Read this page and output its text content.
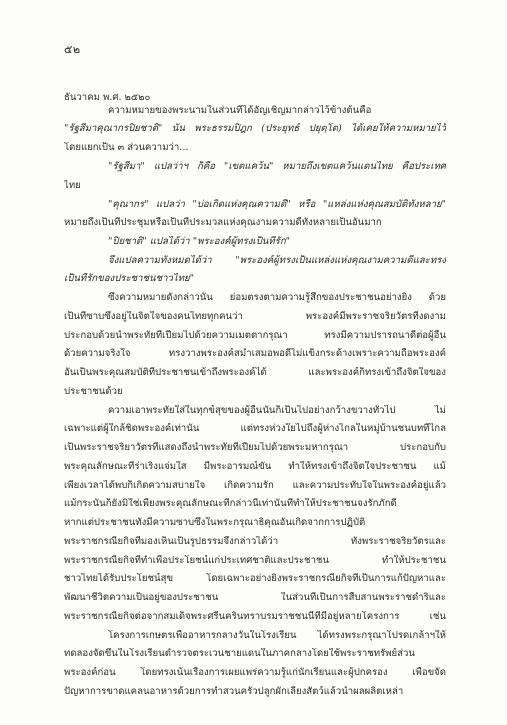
๕๒
ธันวาคม พ.ศ. ๒๕๒๐
ความหมายของพระนามในส่วนที่ได้อัญเชิญมากล่าวไว้ข้างต้นคือ
"รัฐสีมาคุณากรปิยชาติ" นั้น พระธรรมปิฎก (ประยุทธ์ ปยุตฺโต) ได้เคยให้ความหมายไว้
โดยแยกเป็น ๓ ส่วนความว่า...
"รัฐสีมา" แปลว่าฯ ก็คือ "เขตแคว้น" หมายถึงเขตแคว้นแดนไทย คือประเทศ
ไทย
"คุณากร" แปลว่า "บ่อเกิดแห่งคุณความดี" หรือ "แหล่งแห่งคุณสมบัติทั้งหลาย"
หมายถึงเป็นที่ประชุมหรือเป็นที่ประมวลแห่งคุณงามความดีทั้งหลายเป็นอันมาก
"ปิยชาติ" แปลได้ว่า "พระองค์ผู้ทรงเป็นที่รัก"
จึงแปลความทั้งหมดได้ว่า "พระองค์ผู้ทรงเป็นแหล่งแห่งคุณงามความดีและทรง
เป็นที่รักของประชาชนชาวไทย"
ซึ่งความหมายดังกล่าวนั้น ย่อมตรงตามความรู้สึกของประชาชนอย่างยิ่ง ด้วย
เป็นที่ซาบซึ้งอยู่ในจิตใจของคนไทยทุกคนว่า พระองค์มีพระราชจริยวัตรที่งดงาม
ประกอบด้วยน้ำพระทัยที่เปี่ยมไปด้วยความเมตตากรุณา ทรงมีความปรารถนาดีต่อผู้อื่น
ด้วยความจริงใจ ทรงวางพระองค์สม่ำเสมอพอดีไม่แข็งกระด้างเพราะความถือพระองค์
อันเป็นพระคุณสมบัติที่ประชาชนเข้าถึงพระองค์ได้ และพระองค์ก็ทรงเข้าถึงจิตใจของ
ประชาชนด้วย
ความเอาพระทัยใส่ในทุกข์สุขของผู้อื่นนั้นก็เป็นไปอย่างกว้างขวางทั่วไป ไม่
เฉพาะแต่ผู้ใกล้ชิดพระองค์เท่านั้น แต่ทรงห่วงใยไปถึงผู้ห่างไกลในหมู่บ้านชนบทที่ไกล
เป็นพระราชจริยาวัตรที่แสดงถึงน้ำพระทัยที่เปี่ยมไปด้วยพระมหากรุณา ประกอบกับ
พระคุณลักษณะที่ร่าเริงแจ่มใส มีพระอารมณ์ขัน ทำให้ทรงเข้าถึงจิตใจประชาชน แม้
เพียงเวลาได้พบก็เกิดความสบายใจ เกิดความรัก และความประทับใจในพระองค์อยู่แล้ว
แม้กระนั้นก็ยังมิใช่เพียงพระคุณลักษณะที่กล่าวนี้เท่านั้นที่ทำให้ประชาชนจงรักภักดี
หากแต่ประชาชนทั้งมีความซาบซึ้งในพระกรุณาธิคุณอันเกิดจากการปฏิบัติ
พระราชกรณียกิจที่มองเห็นเป็นรูปธรรมจึงกล่าวได้ว่า ทั้งพระราชจริยวัตรและ
พระราชกรณียกิจที่ทำเพื่อประโยชน์แก่ประเทศชาติและประชาชน ทำให้ประชาชน
ชาวไทยได้รับประโยชน์สุข โดยเฉพาะอย่างยิ่งพระราชกรณียกิจที่เป็นการแก้ปัญหาและ
พัฒนาชีวิตความเป็นอยู่ของประชาชน ในส่วนที่เป็นการสืบสานพระราชดำริและ
พระราชกรณียกิจต่อจากสมเด็จพระศรีนครินทราบรมราชชนนีที่มีอยู่หลายโครงการ เช่น
โครงการเกษตรเพื่ออาหารกลางวันในโรงเรียน ได้ทรงพระกรุณาโปรดเกล้าฯให้
ทดลองจัดขึ้นในโรงเรียนตำรวจตระเวนชายแดนในภาคกลางโดยใช้พระราชทรัพย์ส่วน
พระองค์ก่อน โดยทรงเน้นเรื่องการเผยแพร่ความรู้แก่นักเรียนและผู้ปกครอง เพื่อขจัด
ปัญหาการขาดแคลนอาหารด้วยการทำสวนครัวปลูกผักเลี้ยงสัตว์แล้วนำผลผลิตเหล่า
